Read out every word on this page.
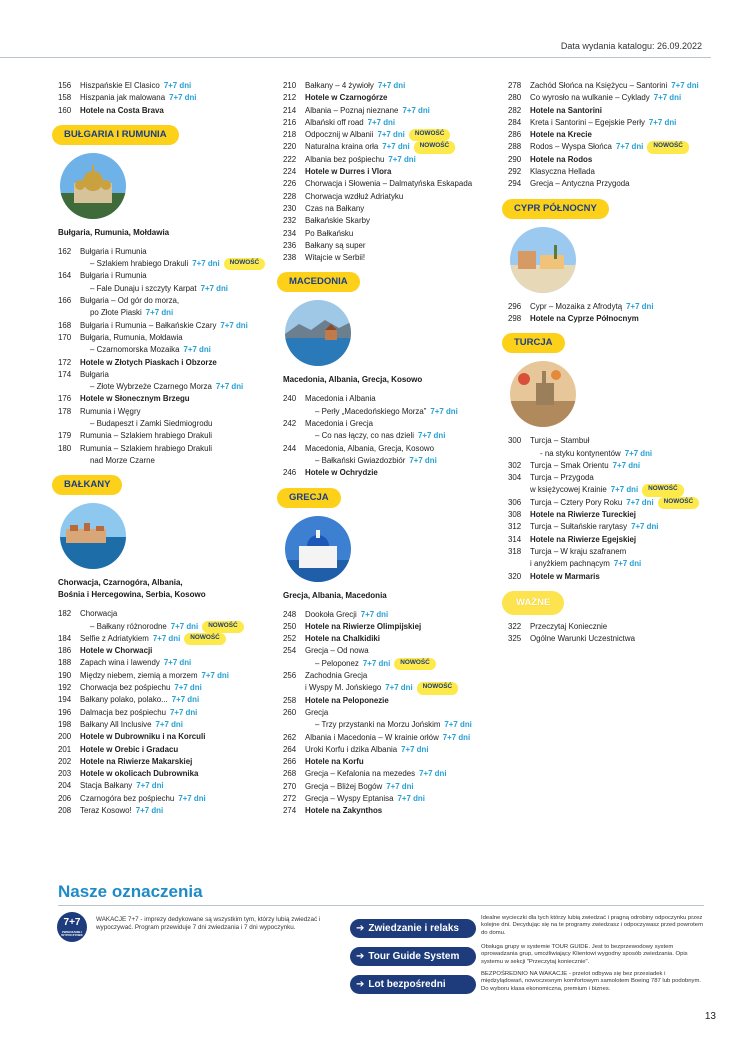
Data wydania katalogu: 26.09.2022
156	Hiszpańskie El Clasico 7+7 dni
158	Hiszpania jak malowana 7+7 dni
160	Hotele na Costa Brava
BUŁGARIA I RUMUNIA
Bułgaria, Rumunia, Mołdawia
162	Bułgaria i Rumunia
– Szlakiem hrabiego Drakuli 7+7 dni	NOWOŚĆ
164	Bułgaria i Rumunia
– Fale Dunaju i szczyty Karpat 7+7 dni
166	Bułgaria – Od gór do morza,
po Złote Piaski 7+7 dni
168	Bułgaria i Rumunia – Bałkańskie Czary 7+7 dni
170	Bułgaria, Rumunia, Mołdawia
– Czarnomorska Mozaika 7+7 dni
172	Hotele w Złotych Piaskach i Obzorze
174	Bułgaria
– Złote Wybrzeże Czarnego Morza 7+7 dni
176	Hotele w Słonecznym Brzegu
178	Rumunia i Węgry
– Budapeszt i Zamki Siedmiogrodu
179	Rumunia – Szlakiem hrabiego Drakuli
180	Rumunia – Szlakiem hrabiego Drakuli
nad Morze Czarne
BAŁKANY
Chorwacja, Czarnogóra, Albania,
Bośnia i Hercegowina, Serbia, Kosowo
182	Chorwacja
– Bałkany różnorodne 7+7 dni	NOWOŚĆ
184	Selfie z Adriatykiem 7+7 dni	NOWOŚĆ
186	Hotele w Chorwacji
188	Zapach wina i lawendy 7+7 dni
190	Między niebem, ziemią a morzem 7+7 dni
192	Chorwacja bez pośpiechu 7+7 dni
194	Bałkany polako, polako... 7+7 dni
196	Dalmacja bez pośpiechu 7+7 dni
198	Bałkany All Inclusive 7+7 dni
200	Hotele w Dubrowniku i na Korculi
201	Hotele w Orebic i Gradacu
202	Hotele na Riwierze Makarskiej
203	Hotele w okolicach Dubrownika
204	Stacja Bałkany 7+7 dni
206	Czarnogóra bez pośpiechu 7+7 dni
208	Teraz Kosowo! 7+7 dni
210	Bałkany – 4 żywioły 7+7 dni
212	Hotele w Czarnogórze
214	Albania – Poznaj nieznane 7+7 dni
216	Albański off road 7+7 dni
218	Odpocznij w Albanii 7+7 dni	NOWOŚĆ
220	Naturalna kraina orła 7+7 dni	NOWOŚĆ
222	Albania bez pośpiechu 7+7 dni
224	Hotele w Durres i Vlora
226	Chorwacja i Słowenia – Dalmatyńska Eskapada
228	Chorwacja wzdłuż Adriatyku
230	Czas na Bałkany
232	Bałkańskie Skarby
234	Po Bałkańsku
236	Bałkany są super
238	Witajcie w Serbii!
MACEDONIA
Macedonia, Albania, Grecja, Kosowo
240	Macedonia i Albania
– Perły „Macedońskiego Morza” 7+7 dni
242	Macedonia i Grecja
– Co nas łączy, co nas dzieli 7+7 dni
244	Macedonia, Albania, Grecja, Kosowo
– Bałkański Gwiazdozbiór 7+7 dni
246	Hotele w Ochrydzie
GRECJA
Grecja, Albania, Macedonia
248	Dookoła Grecji 7+7 dni
250	Hotele na Riwierze Olimpijskiej
252	Hotele na Chalkidiki
254	Grecja – Od nowa
– Peloponez 7+7 dni	NOWOŚĆ
256	Zachodnia Grecja
i Wyspy M. Jońskiego 7+7 dni	NOWOŚĆ
258	Hotele na Peloponezie
260	Grecja
– Trzy przystanki na Morzu Jońskim 7+7 dni
262	Albania i Macedonia – W krainie orłów 7+7 dni
264	Uroki Korfu i dzika Albania 7+7 dni
266	Hotele na Korfu
268	Grecja – Kefalonia na mezedes 7+7 dni
270	Grecja – Bliżej Bogów 7+7 dni
272	Grecja – Wyspy Eptanisa 7+7 dni
274	Hotele na Zakynthos
278	Zachód Słońca na Księżycu – Santorini 7+7 dni
280	Co wyrosło na wulkanie – Cyklady 7+7 dni
282	Hotele na Santorini
284	Kreta i Santorini – Egejskie Perły 7+7 dni
286	Hotele na Krecie
288	Rodos – Wyspa Słońca 7+7 dni	NOWOŚĆ
290	Hotele na Rodos
292	Klasyczna Hellada
294	Grecja – Antyczna Przygoda
CYPR PÓŁNOCNY
296	Cypr – Mozaika z Afrodytą 7+7 dni
298	Hotele na Cyprze Północnym
TURCJA
300	Turcja – Stambuł
- na styku kontynentów 7+7 dni
302	Turcja – Smak Orientu 7+7 dni
304	Turcja – Przygoda
w księżycowej Krainie 7+7 dni	NOWOŚĆ
306	Turcja – Cztery Pory Roku 7+7 dni	NOWOŚĆ
308	Hotele na Riwierze Tureckiej
312	Turcja – Sułtańskie rarytasy 7+7 dni
314	Hotele na Riwierze Egejskiej
318	Turcja – W kraju szafranem
i anyżkiem pachnącym 7+7 dni
320	Hotele w Marmaris
WAŻNE
322	Przeczytaj Koniecznie
325	Ogólne Warunki Uczestnictwa
Nasze oznaczenia
7+7
ZWIEDZANIE I WYPOCZYNEK
WAKACJE 7+7 - imprezy dedykowane są wszystkim tym, którzy lubią zwiedzać i wypoczywać. Program przewiduje 7 dni zwiedzania i 7 dni wypoczynku.	➔ Zwiedzanie i relaks
Idealne wycieczki dla tych którzy lubią zwiedzać i pragną odrobiny odpoczynku przez kolejne dni. Decydując się na te programy zwiedzasz i odpoczywasz przed powrotem do domu.
➔ Tour Guide System
Obsługa grupy w systemie TOUR GUIDE. Jest to bezprzewodowy system oprowadzania grup, umożliwiający Klientowi wygodny sposób zwiedzania. Opis systemu w sekcji "Przeczytaj koniecznie".
➔ Lot bezpośredni
BEZPOŚREDNIO NA WAKACJE - przelot odbywa się bez przesiadek i międzylądowań, nowoczesnym komfortowym samolotem Boeing 787 lub podobnym. Do wyboru klasa ekonomiczna, premium i biznes.
13
